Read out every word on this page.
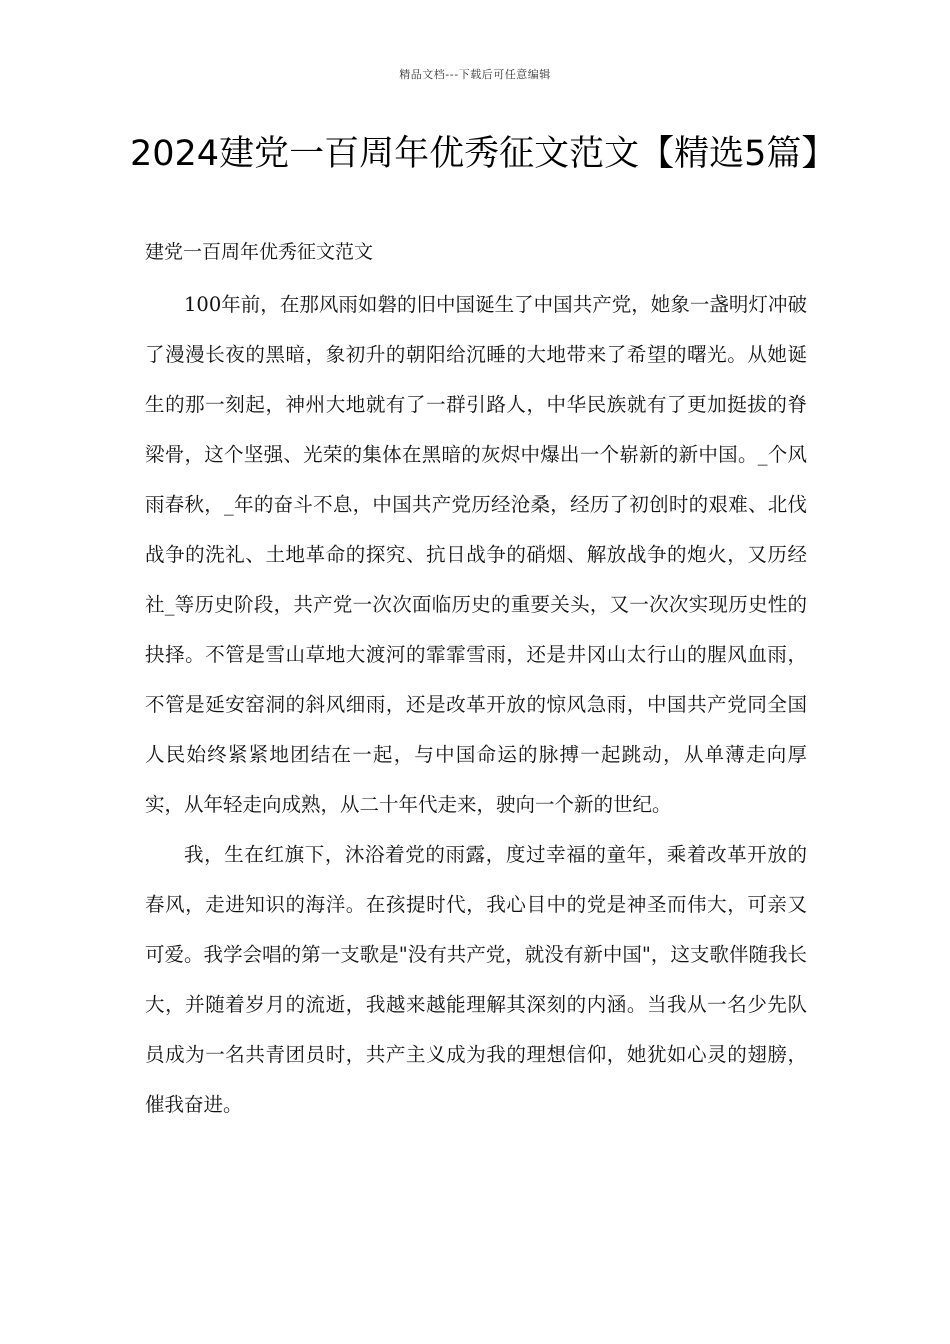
精品文档---下载后可任意编辑
2024建党一百周年优秀征文范文【精选5篇】
建党一百周年优秀征文范文

100年前，在那风雨如磐的旧中国诞生了中国共产党，她象一盏明灯冲破了漫漫长夜的黑暗，象初升的朝阳给沉睡的大地带来了希望的曙光。从她诞生的那一刻起，神州大地就有了一群引路人，中华民族就有了更加挺拔的脊梁骨，这个坚强、光荣的集体在黑暗的灰烬中爆出一个崭新的新中国。_个风雨春秋，_年的奋斗不息，中国共产党历经沧桑，经历了初创时的艰难、北伐战争的洗礼、土地革命的探究、抗日战争的硝烟、解放战争的炮火，又历经社_等历史阶段，共产党一次次面临历史的重要关头，又一次次实现历史性的抉择。不管是雪山草地大渡河的霏霏雪雨，还是井冈山太行山的腥风血雨，不管是延安窑洞的斜风细雨，还是改革开放的惊风急雨，中国共产党同全国人民始终紧紧地团结在一起，与中国命运的脉搏一起跳动，从单薄走向厚实，从年轻走向成熟，从二十年代走来，驶向一个新的世纪。

我，生在红旗下，沐浴着党的雨露，度过幸福的童年，乘着改革开放的春风，走进知识的海洋。在孩提时代，我心目中的党是神圣而伟大，可亲又可爱。我学会唱的第一支歌是"没有共产党，就没有新中国"，这支歌伴随我长大，并随着岁月的流逝，我越来越能理解其深刻的内涵。当我从一名少先队员成为一名共青团员时，共产主义成为我的理想信仰，她犹如心灵的翅膀，催我奋进。
